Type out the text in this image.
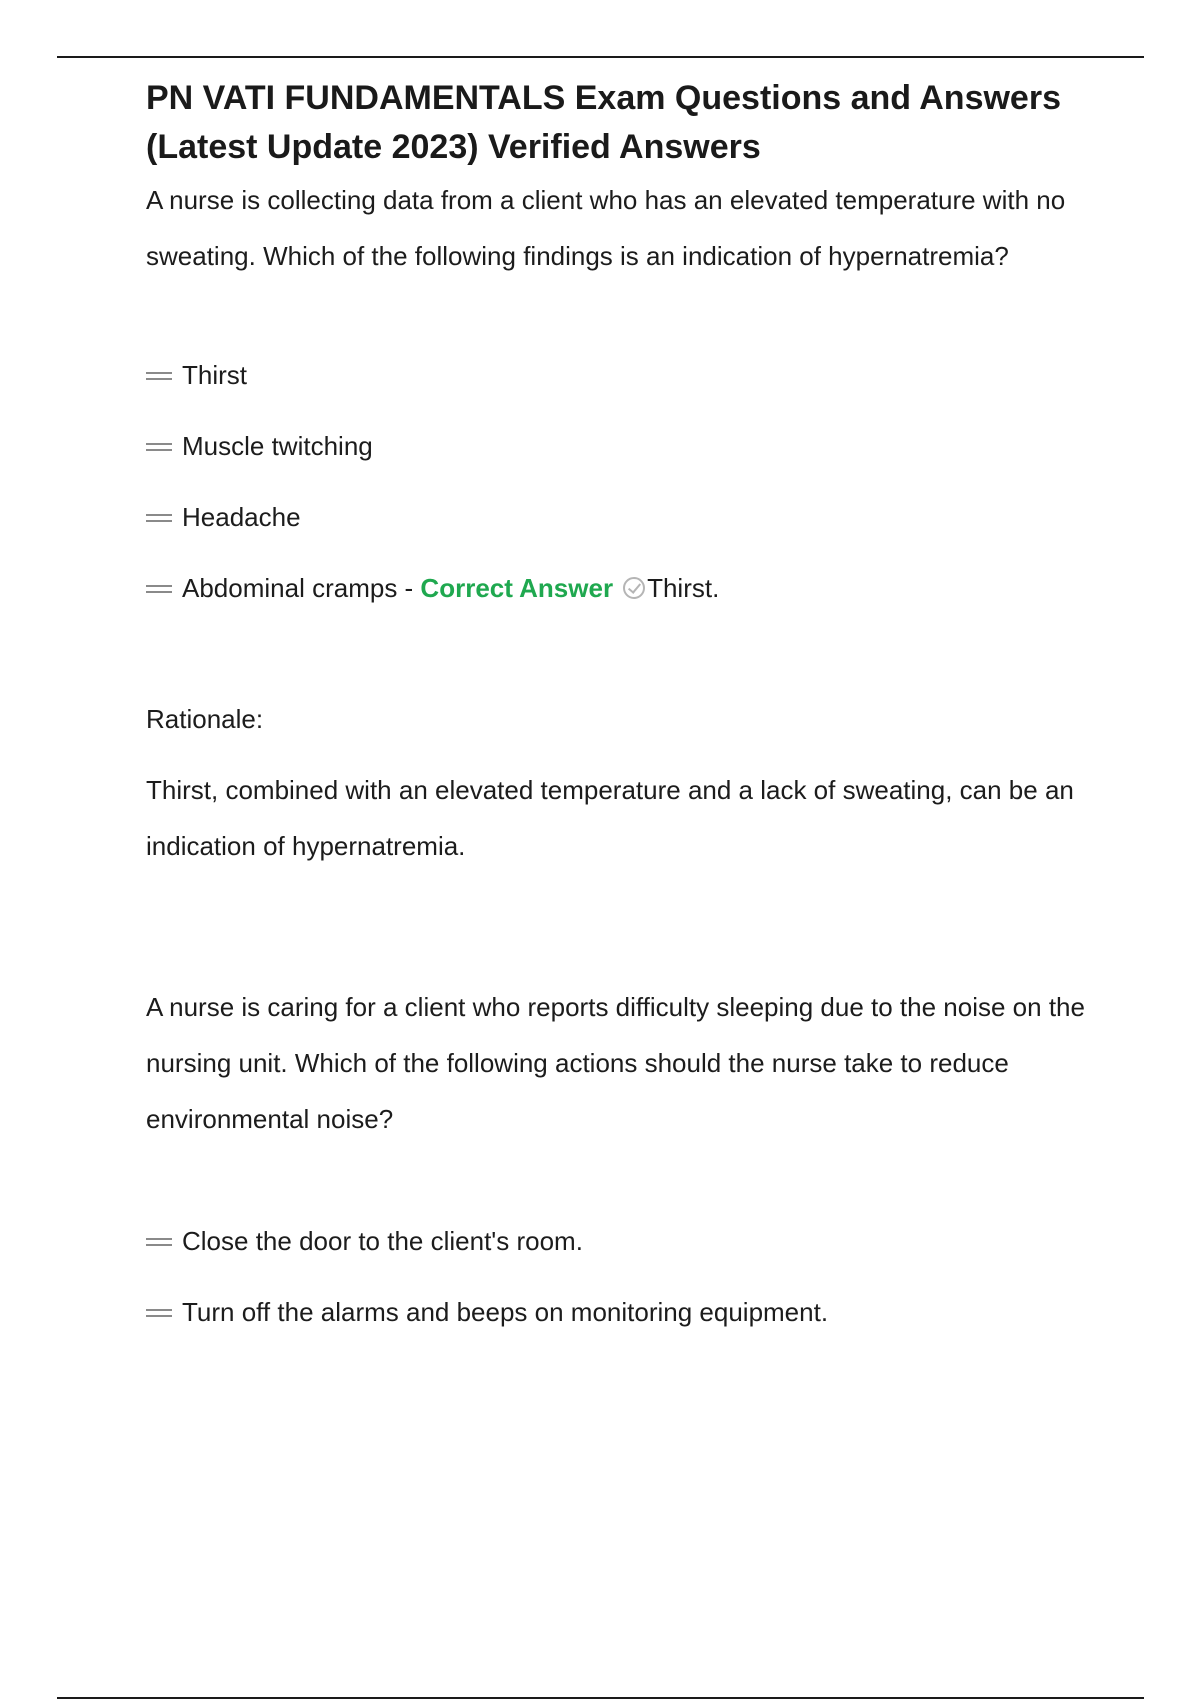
PN VATI FUNDAMENTALS Exam Questions and Answers (Latest Update 2023) Verified Answers

A nurse is collecting data from a client who has an elevated temperature with no sweating. Which of the following findings is an indication of hypernatremia?

Thirst
Muscle twitching
Headache
Abdominal cramps - Correct Answer Thirst.

Rationale:

Thirst, combined with an elevated temperature and a lack of sweating, can be an indication of hypernatremia.

A nurse is caring for a client who reports difficulty sleeping due to the noise on the nursing unit. Which of the following actions should the nurse take to reduce environmental noise?

Close the door to the client's room.
Turn off the alarms and beeps on monitoring equipment.
